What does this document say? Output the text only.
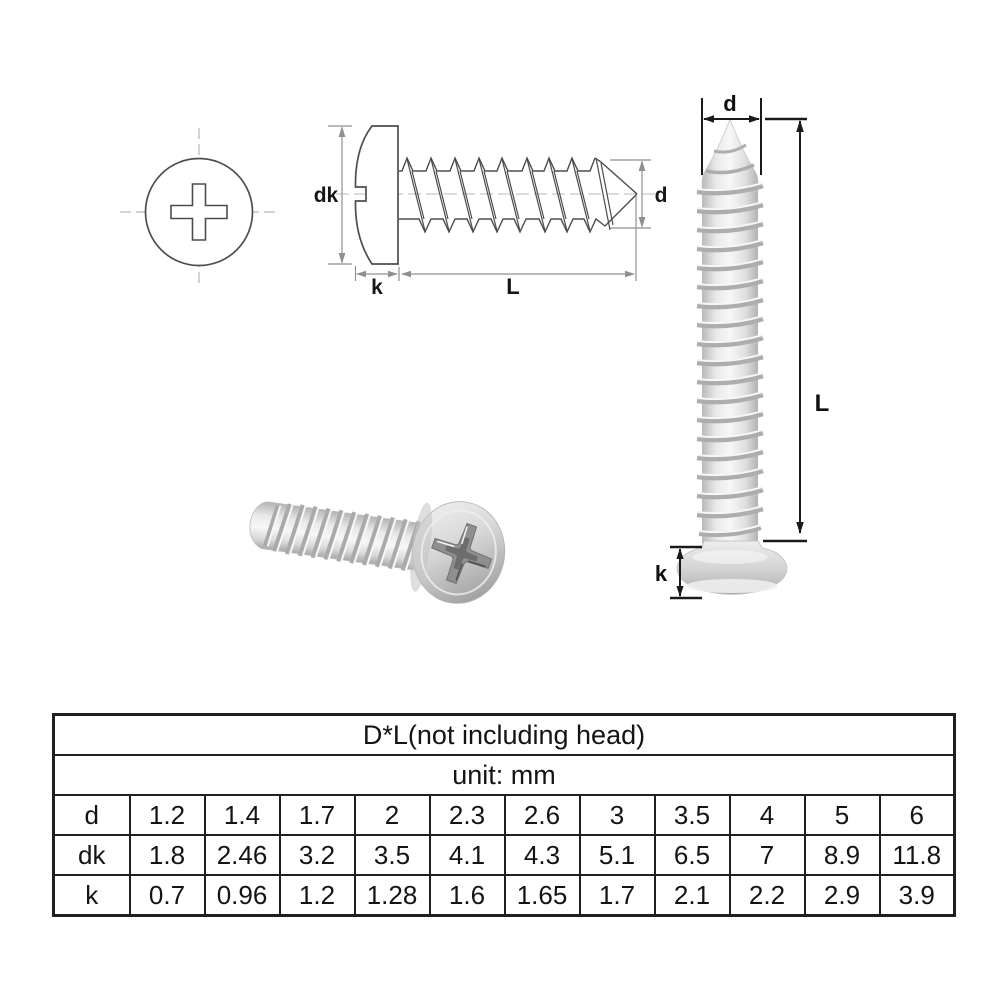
dk
k	L
d
d
L
k
D*L(not including head)											
unit: mm											
d	1.2	1.4	1.7	2	2.3	2.6	3	3.5	4	5	6
dk	1.8	2.46	3.2	3.5	4.1	4.3	5.1	6.5	7	8.9	11.8
k	0.7	0.96	1.2	1.28	1.6	1.65	1.7	2.1	2.2	2.9	3.9
